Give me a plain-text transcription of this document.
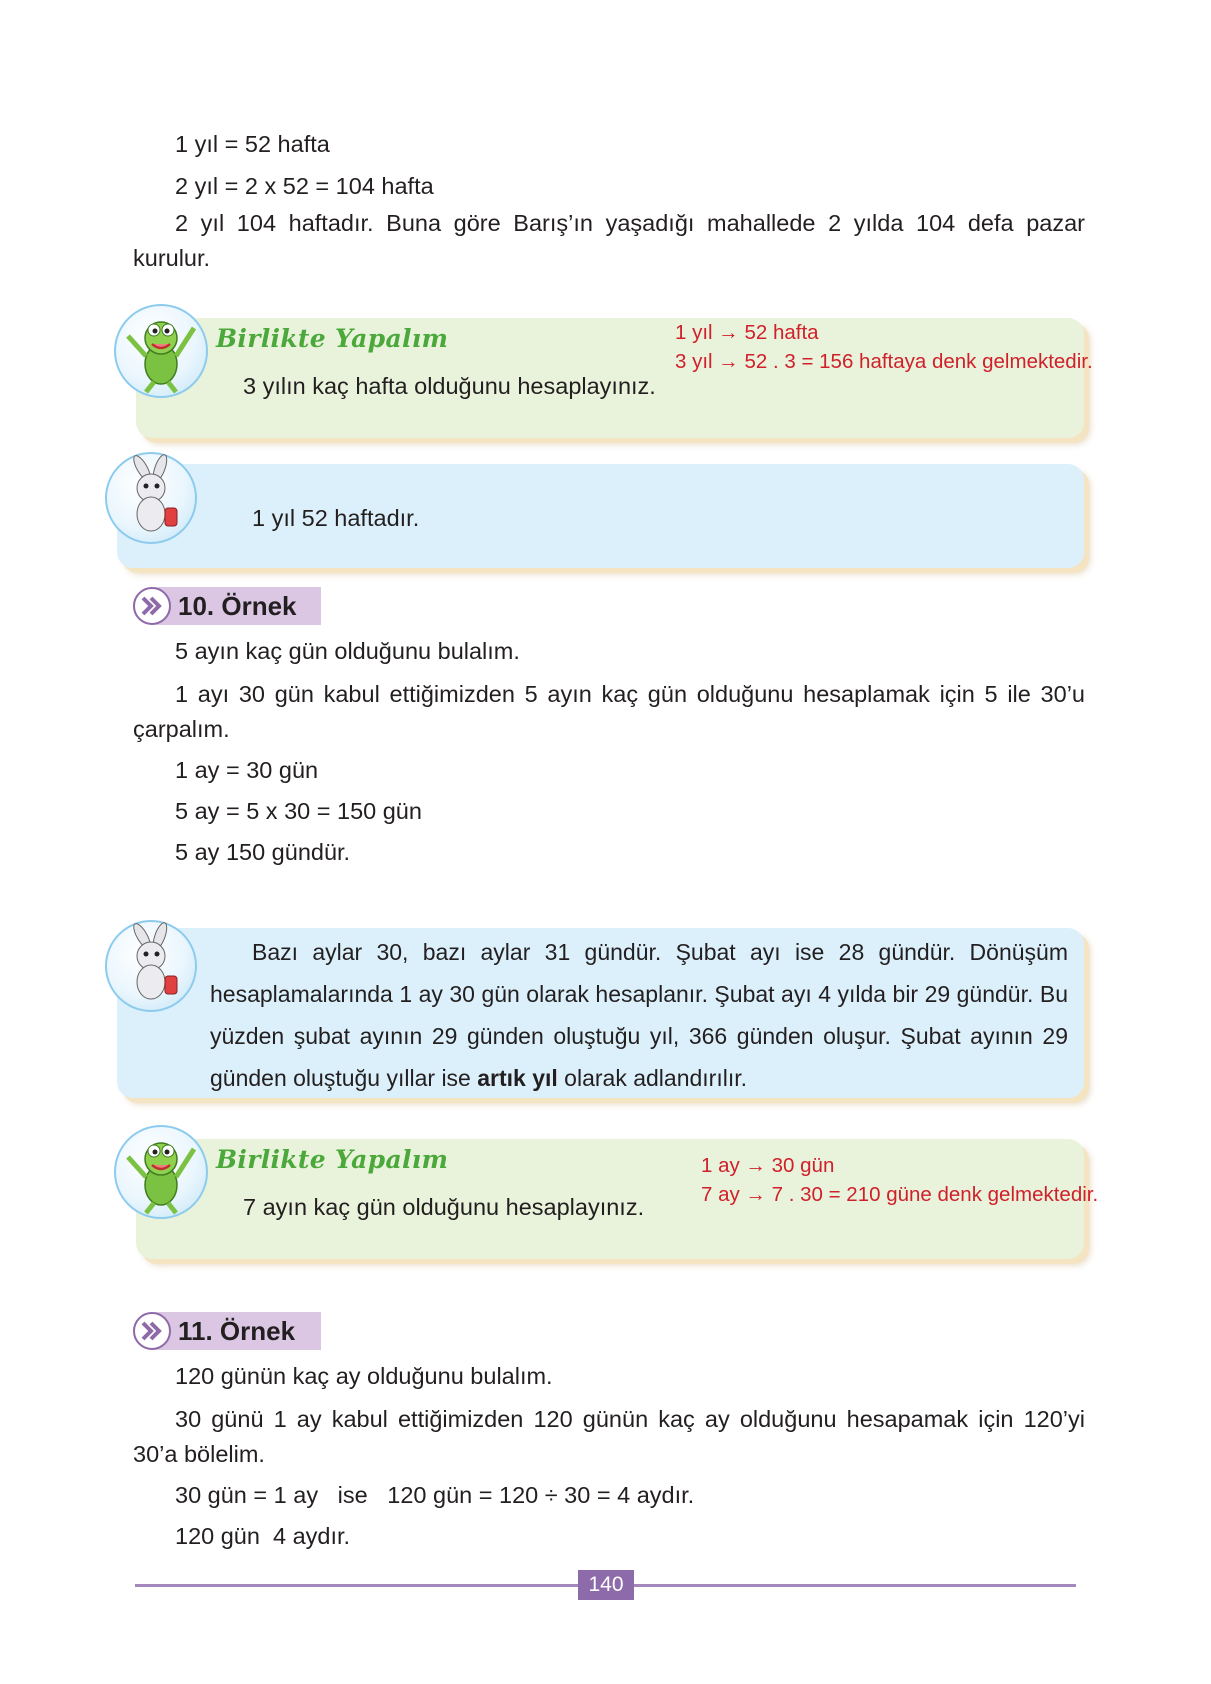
1 yıl = 52 hafta
2 yıl = 2 x 52 = 104 hafta
2 yıl 104 haftadır. Buna göre Barış’ın yaşadığı mahallede 2 yılda 104 defa pazar kurulur.
Birlikte Yapalım
3 yılın kaç hafta olduğunu hesaplayınız.
1 yıl → 52 hafta
3 yıl → 52 . 3 = 156 haftaya denk gelmektedir.
1 yıl 52 haftadır.
10. Örnek
5 ayın kaç gün olduğunu bulalım.
1 ayı 30 gün kabul ettiğimizden 5 ayın kaç gün olduğunu hesaplamak için 5 ile 30’u çarpalım.
1 ay = 30 gün
5 ay = 5 x 30 = 150 gün
5 ay 150 gündür.
Bazı aylar 30, bazı aylar 31 gündür. Şubat ayı ise 28 gündür. Dönüşüm hesaplamalarında 1 ay 30 gün olarak hesaplanır. Şubat ayı 4 yılda bir 29 gündür. Bu yüzden şubat ayının 29 günden oluştuğu yıl, 366 günden oluşur. Şubat ayının 29 günden oluştuğu yıllar ise artık yıl olarak adlandırılır.
Birlikte Yapalım
7 ayın kaç gün olduğunu hesaplayınız.
1 ay → 30 gün
7 ay → 7 . 30 = 210 güne denk gelmektedir.
11. Örnek
120 günün kaç ay olduğunu bulalım.
30 günü 1 ay kabul ettiğimizden 120 günün kaç ay olduğunu hesapamak için 120’yi 30’a bölelim.
30 gün = 1 ay   ise   120 gün = 120 ÷ 30 = 4 aydır.
120 gün  4 aydır.
140
